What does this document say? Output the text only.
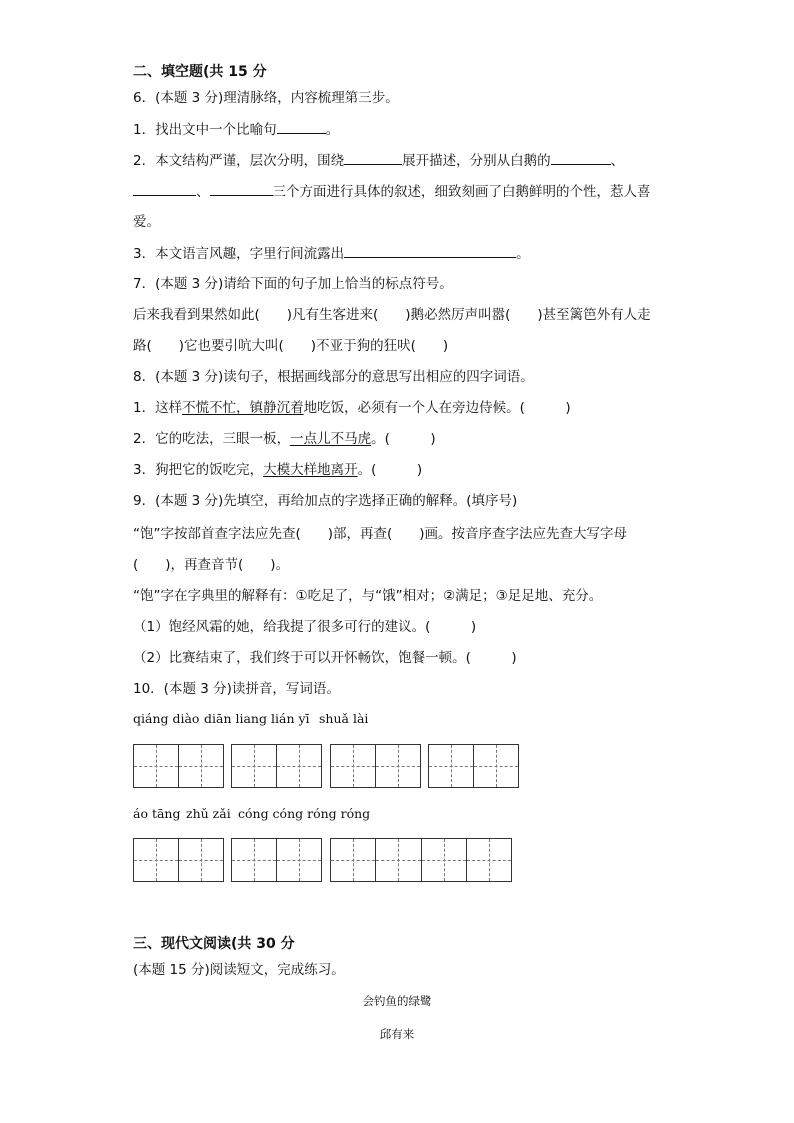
二、填空题(共 15 分
6．(本题 3 分)理清脉络，内容梳理第三步。
1．找出文中一个比喻句	。
2．本文结构严谨，层次分明，围绕	展开描述，分别从白鹅的	、
、	三个方面进行具体的叙述，细致刻画了白鹅鲜明的个性，惹人喜
爱。
3．本文语言风趣，字里行间流露出	。
7．(本题 3 分)请给下面的句子加上恰当的标点符号。
后来我看到果然如此(　　)凡有生客进来(　　)鹅必然厉声叫嚣(　　)甚至篱笆外有人走
路(　　)它也要引吭大叫(　　)不亚于狗的狂吠(　　)
8．(本题 3 分)读句子，根据画线部分的意思写出相应的四字词语。
1．这样不慌不忙，镇静沉着地吃饭，必须有一个人在旁边侍候。(　　　)
2．它的吃法，三眼一板，一点儿不马虎。(　　　)
3．狗把它的饭吃完，大模大样地离开。(　　　)
9．(本题 3 分)先填空，再给加点的字选择正确的解释。(填序号)
“饱”字按部首查字法应先查(　　)部，再查(　　)画。按音序查字法应先查大写字母
(　　)，再查音节(　　)。
“饱”字在字典里的解释有：①吃足了，与“饿”相对；②满足；③足足地、充分。
（1）饱经风霜的她，给我提了很多可行的建议。(　　　)
（2）比赛结束了，我们终于可以开怀畅饮，饱餐一顿。(　　　)
10．(本题 3 分)读拼音，写词语。
qiáng diào diān liang lián yī shuǎ lài
áo tāng zhǔ zǎi cóng cóng róng róng
三、现代文阅读(共 30 分
(本题 15 分)阅读短文，完成练习。
会钓鱼的绿鹭
邱有来
